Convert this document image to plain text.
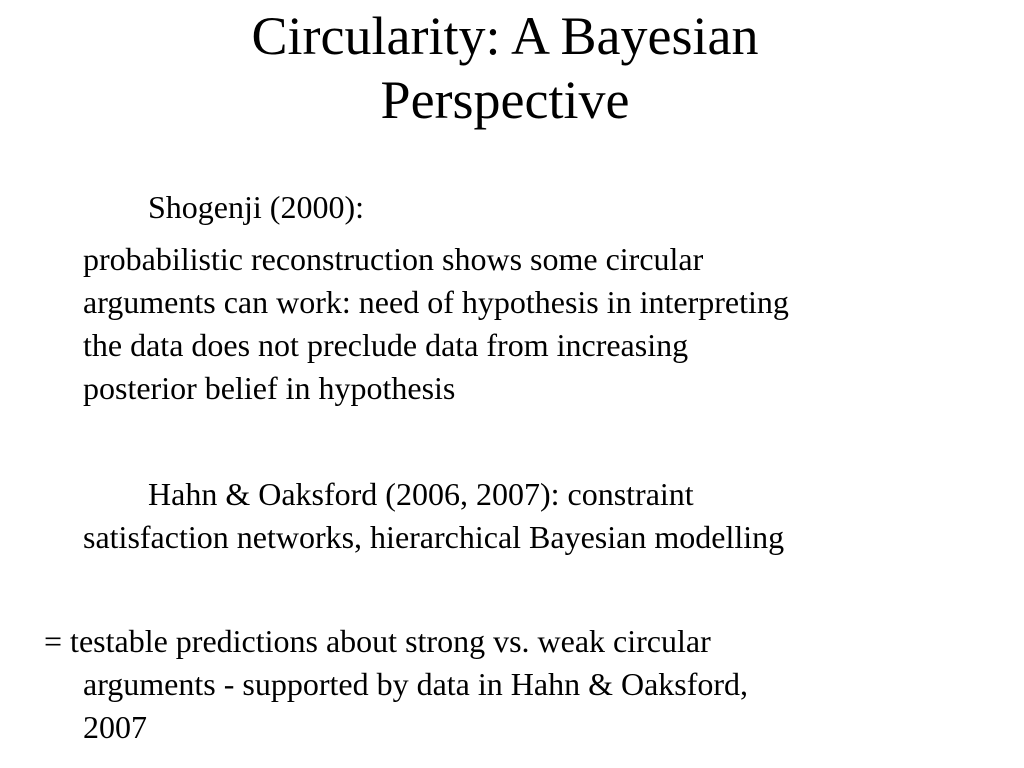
Circularity: A Bayesian
Perspective

Shogenji (2000):

probabilistic reconstruction shows some circular
arguments can work: need of hypothesis in interpreting
the data does not preclude data from increasing
posterior belief in hypothesis

Hahn & Oaksford (2006, 2007): constraint
satisfaction networks, hierarchical Bayesian modelling

= testable predictions about strong vs. weak circular
arguments - supported by data in Hahn & Oaksford,
2007
